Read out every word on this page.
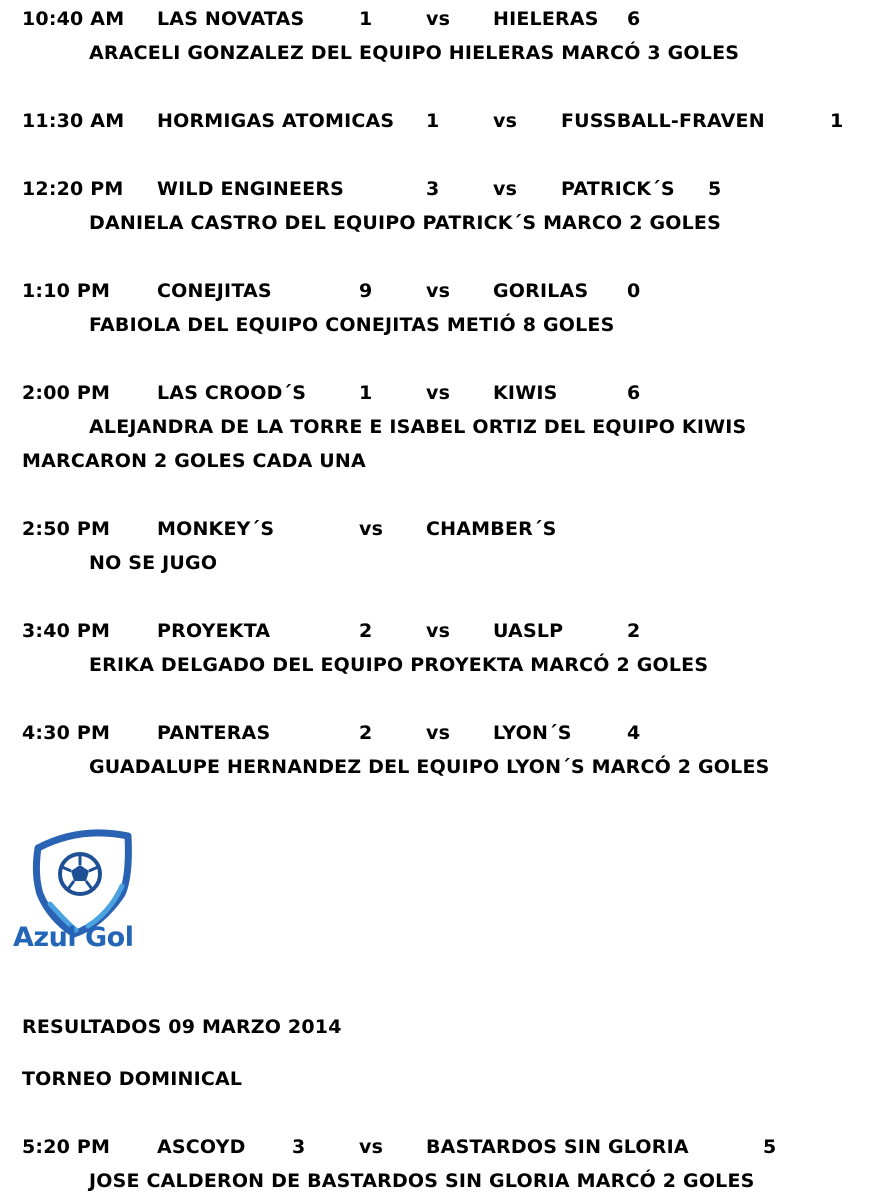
10:40 AM LAS NOVATAS	1	vs HIELERAS 6
ARACELI GONZALEZ DEL EQUIPO HIELERAS MARCÓ 3 GOLES
11:30 AM HORMIGAS ATOMICAS 1	vs FUSSBALL-FRAVEN	1
12:20 PM WILD ENGINEERS	3	vs PATRICK´S 5
DANIELA CASTRO DEL EQUIPO PATRICK´S MARCO 2 GOLES
1:10 PM CONEJITAS	9	vs GORILAS 0
FABIOLA DEL EQUIPO CONEJITAS METIÓ 8 GOLES
2:00 PM LAS CROOD´S	1	vs KIWIS	6
ALEJANDRA DE LA TORRE E ISABEL ORTIZ DEL EQUIPO KIWIS
MARCARON 2 GOLES CADA UNA
2:50 PM MONKEY´S	vs CHAMBER´S
NO SE JUGO
3:40 PM PROYEKTA	2	vs UASLP	2
ERIKA DELGADO DEL EQUIPO PROYEKTA MARCÓ 2 GOLES
4:30 PM PANTERAS	2	vs LYON´S	4
GUADALUPE HERNANDEZ DEL EQUIPO LYON´S MARCÓ 2 GOLES
Azul Gol
RESULTADOS 09 MARZO 2014
TORNEO DOMINICAL
5:20 PM ASCOYD 3	vs BASTARDOS SIN GLORIA	5
JOSE CALDERON DE BASTARDOS SIN GLORIA MARCÓ 2 GOLES
